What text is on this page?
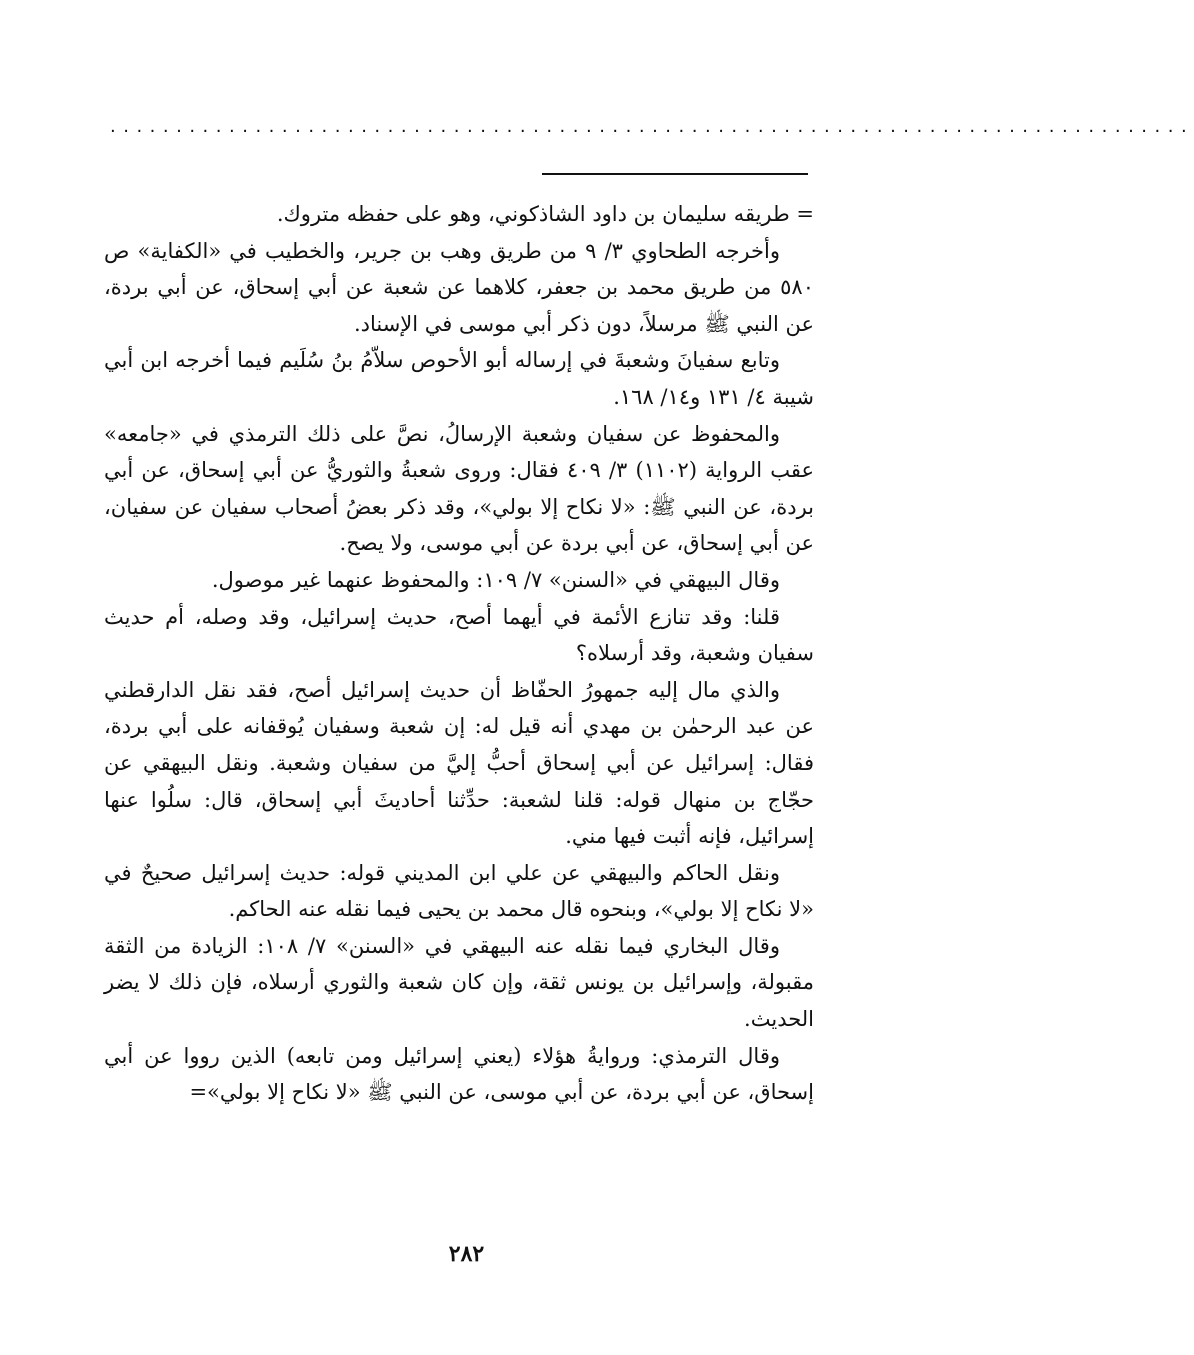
..................................................................................

= طريقه سليمان بن داود الشاذكوني، وهو على حفظه متروك.

وأخرجه الطحاوي ٣/ ٩ من طريق وهب بن جرير، والخطيب في «الكفاية» ص ٥٨٠ من طريق محمد بن جعفر، كلاهما عن شعبة عن أبي إسحاق، عن أبي بردة، عن النبي ﷺ مرسلاً، دون ذكر أبي موسى في الإسناد.

وتابع سفيانَ وشعبةَ في إرساله أبو الأحوص سلاّمُ بنُ سُلَيم فيما أخرجه ابن أبي شيبة ٤/ ١٣١ و١٤/ ١٦٨.

والمحفوظ عن سفيان وشعبة الإرسالُ، نصَّ على ذلك الترمذي في «جامعه» عقب الرواية (١١٠٢) ٣/ ٤٠٩ فقال: وروى شعبةُ والثوريُّ عن أبي إسحاق، عن أبي بردة، عن النبي ﷺ: «لا نكاح إلا بولي»، وقد ذكر بعضُ أصحاب سفيان عن سفيان، عن أبي إسحاق، عن أبي بردة عن أبي موسى، ولا يصح.

وقال البيهقي في «السنن» ٧/ ١٠٩: والمحفوظ عنهما غير موصول.

قلنا: وقد تنازع الأئمة في أيهما أصح، حديث إسرائيل، وقد وصله، أم حديث سفيان وشعبة، وقد أرسلاه؟

والذي مال إليه جمهورُ الحفّاظ أن حديث إسرائيل أصح، فقد نقل الدارقطني عن عبد الرحمٰن بن مهدي أنه قيل له: إن شعبة وسفيان يُوقفانه على أبي بردة، فقال: إسرائيل عن أبي إسحاق أحبُّ إليَّ من سفيان وشعبة. ونقل البيهقي عن حجّاج بن منهال قوله: قلنا لشعبة: حدِّثنا أحاديثَ أبي إسحاق، قال: سلُوا عنها إسرائيل، فإنه أثبت فيها مني.

ونقل الحاكم والبيهقي عن علي ابن المديني قوله: حديث إسرائيل صحيحٌ في «لا نكاح إلا بولي»، وبنحوه قال محمد بن يحيى فيما نقله عنه الحاكم.

وقال البخاري فيما نقله عنه البيهقي في «السنن» ٧/ ١٠٨: الزيادة من الثقة مقبولة، وإسرائيل بن يونس ثقة، وإن كان شعبة والثوري أرسلاه، فإن ذلك لا يضر الحديث.

وقال الترمذي: وروايةُ هؤلاء (يعني إسرائيل ومن تابعه) الذين رووا عن أبي إسحاق، عن أبي بردة، عن أبي موسى، عن النبي ﷺ «لا نكاح إلا بولي»=

٢٨٢
